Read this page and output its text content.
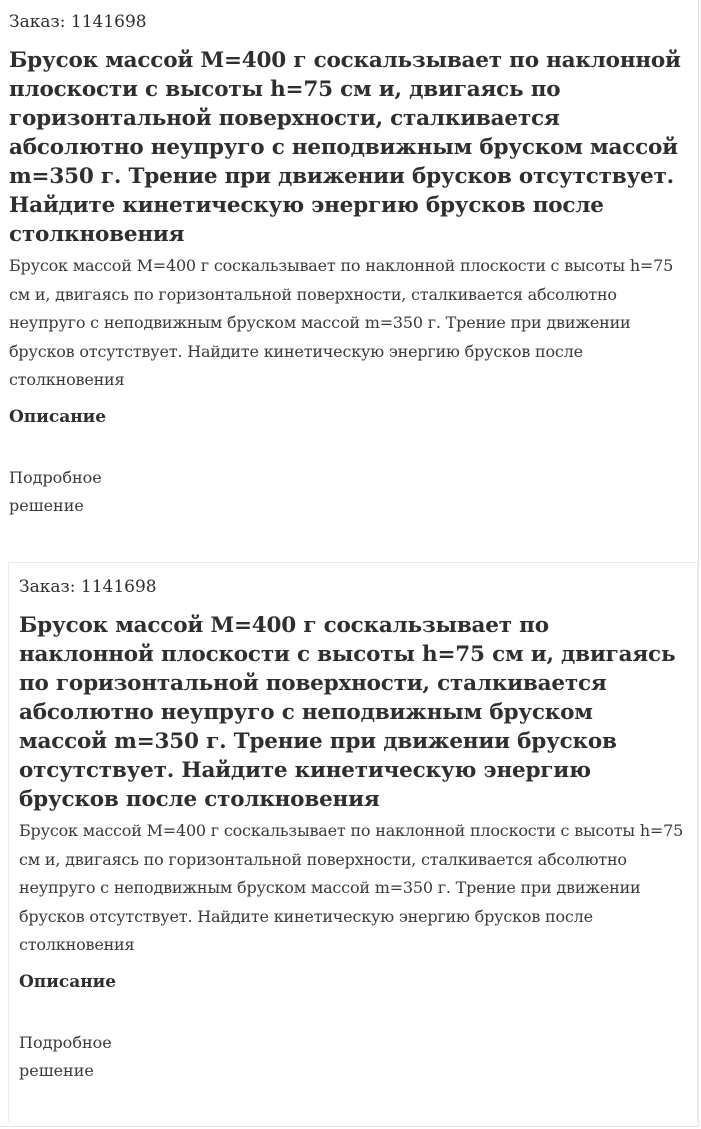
Заказ: 1141698
Брусок массой M=400 г соскальзывает по наклонной плоскости с высоты h=75 см и, двигаясь по горизонтальной поверхности, сталкивается абсолютно неупруго с неподвижным бруском массой m=350 г. Трение при движении брусков отсутствует. Найдите кинетическую энергию брусков после столкновения

Брусок массой M=400 г соскальзывает по наклонной плоскости с высоты h=75 см и, двигаясь по горизонтальной поверхности, сталкивается абсолютно неупруго с неподвижным бруском массой m=350 г. Трение при движении брусков отсутствует. Найдите кинетическую энергию брусков после столкновения

Описание
Подробное решение
Заказ: 1141698
Брусок массой M=400 г соскальзывает по наклонной плоскости с высоты h=75 см и, двигаясь по горизонтальной поверхности, сталкивается абсолютно неупруго с неподвижным бруском массой m=350 г. Трение при движении брусков отсутствует. Найдите кинетическую энергию брусков после столкновения

Брусок массой M=400 г соскальзывает по наклонной плоскости с высоты h=75 см и, двигаясь по горизонтальной поверхности, сталкивается абсолютно неупруго с неподвижным бруском массой m=350 г. Трение при движении брусков отсутствует. Найдите кинетическую энергию брусков после столкновения

Описание
Подробное решение
